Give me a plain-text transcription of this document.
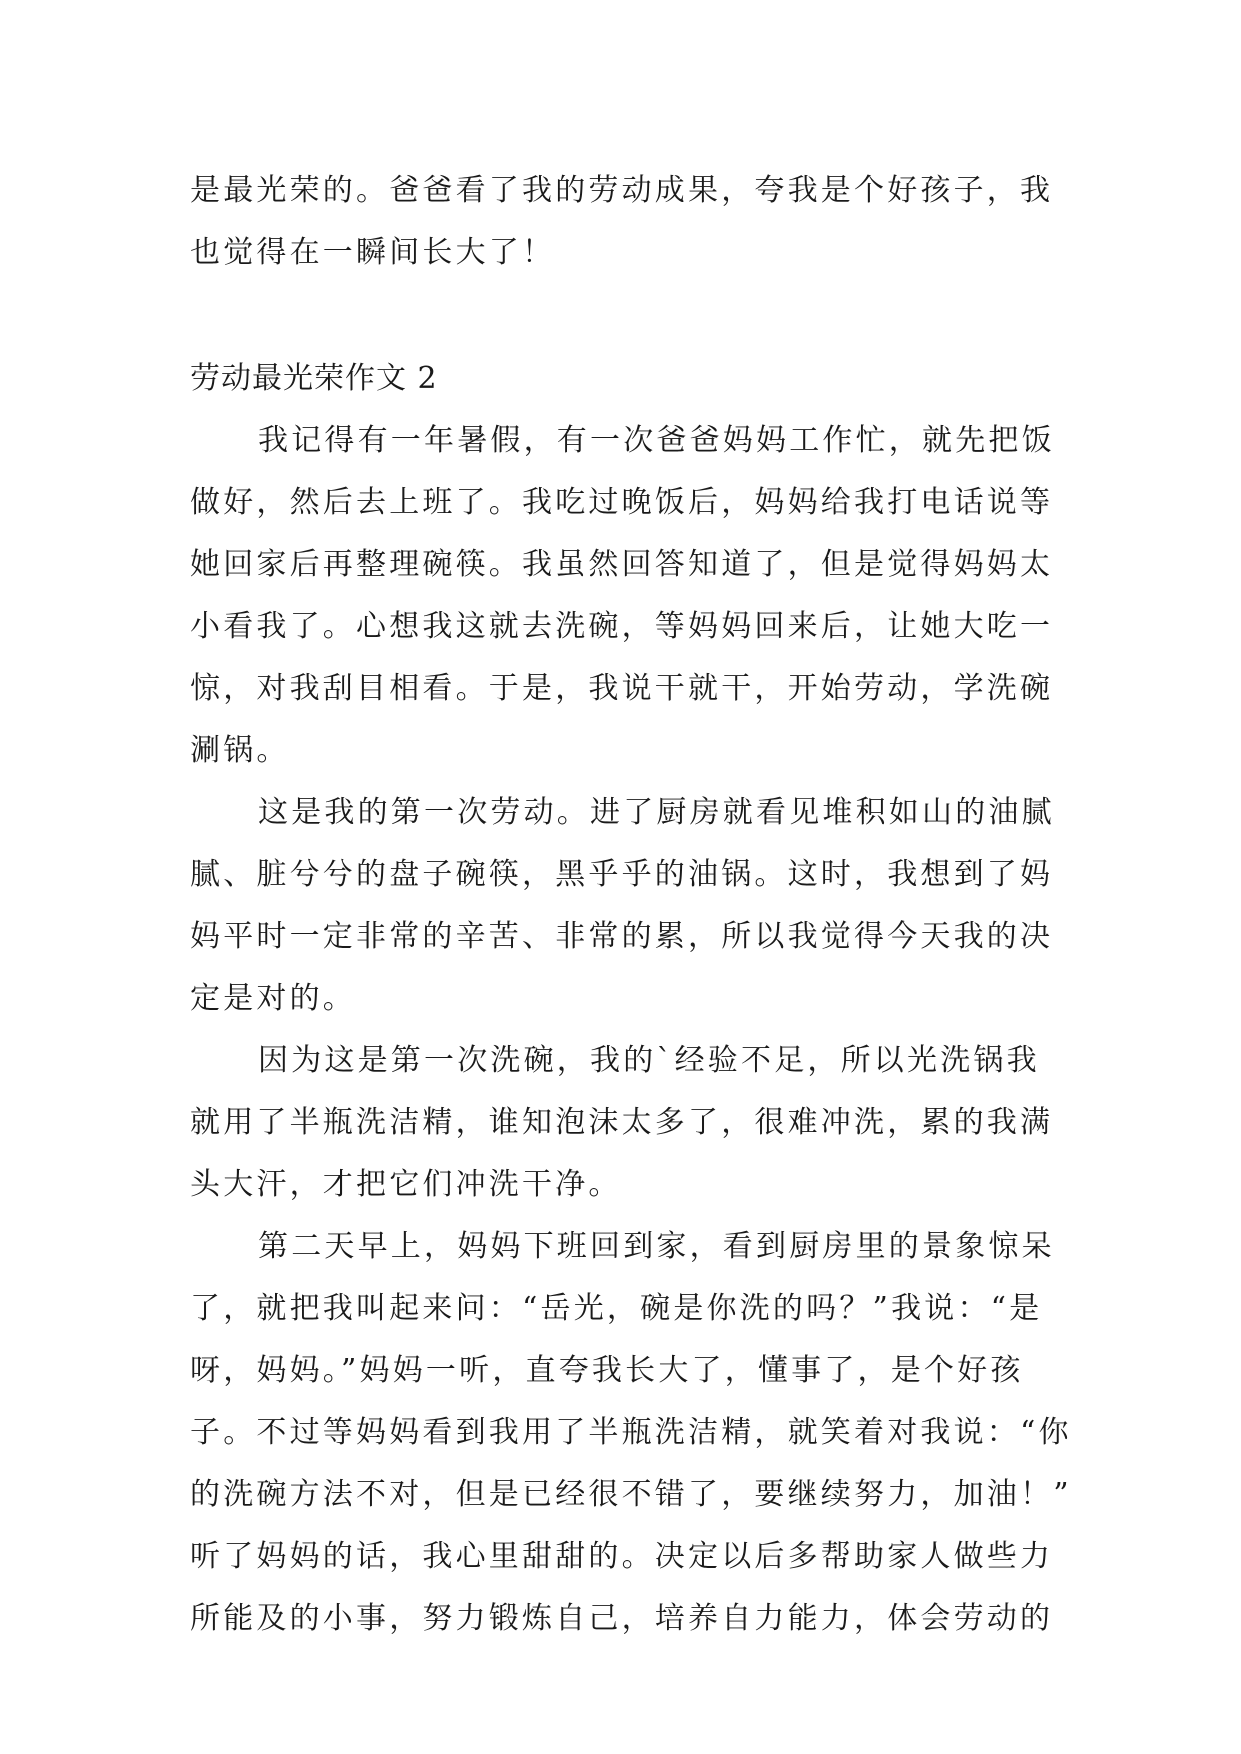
是最光荣的。爸爸看了我的劳动成果，夸我是个好孩子，我
也觉得在一瞬间长大了！
劳动最光荣作文 2
我记得有一年暑假，有一次爸爸妈妈工作忙，就先把饭
做好，然后去上班了。我吃过晚饭后，妈妈给我打电话说等
她回家后再整理碗筷。我虽然回答知道了，但是觉得妈妈太
小看我了。心想我这就去洗碗，等妈妈回来后，让她大吃一
惊，对我刮目相看。于是，我说干就干，开始劳动，学洗碗
涮锅。
这是我的第一次劳动。进了厨房就看见堆积如山的油腻
腻、脏兮兮的盘子碗筷，黑乎乎的油锅。这时，我想到了妈
妈平时一定非常的辛苦、非常的累，所以我觉得今天我的决
定是对的。
因为这是第一次洗碗，我的`经验不足，所以光洗锅我
就用了半瓶洗洁精，谁知泡沫太多了，很难冲洗，累的我满
头大汗，才把它们冲洗干净。
第二天早上，妈妈下班回到家，看到厨房里的景象惊呆
了，就把我叫起来问：“岳光，碗是你洗的吗？”我说：“是
呀，妈妈。”妈妈一听，直夸我长大了，懂事了，是个好孩
子。不过等妈妈看到我用了半瓶洗洁精，就笑着对我说：“你
的洗碗方法不对，但是已经很不错了，要继续努力，加油！”
听了妈妈的话，我心里甜甜的。决定以后多帮助家人做些力
所能及的小事，努力锻炼自己，培养自力能力，体会劳动的
